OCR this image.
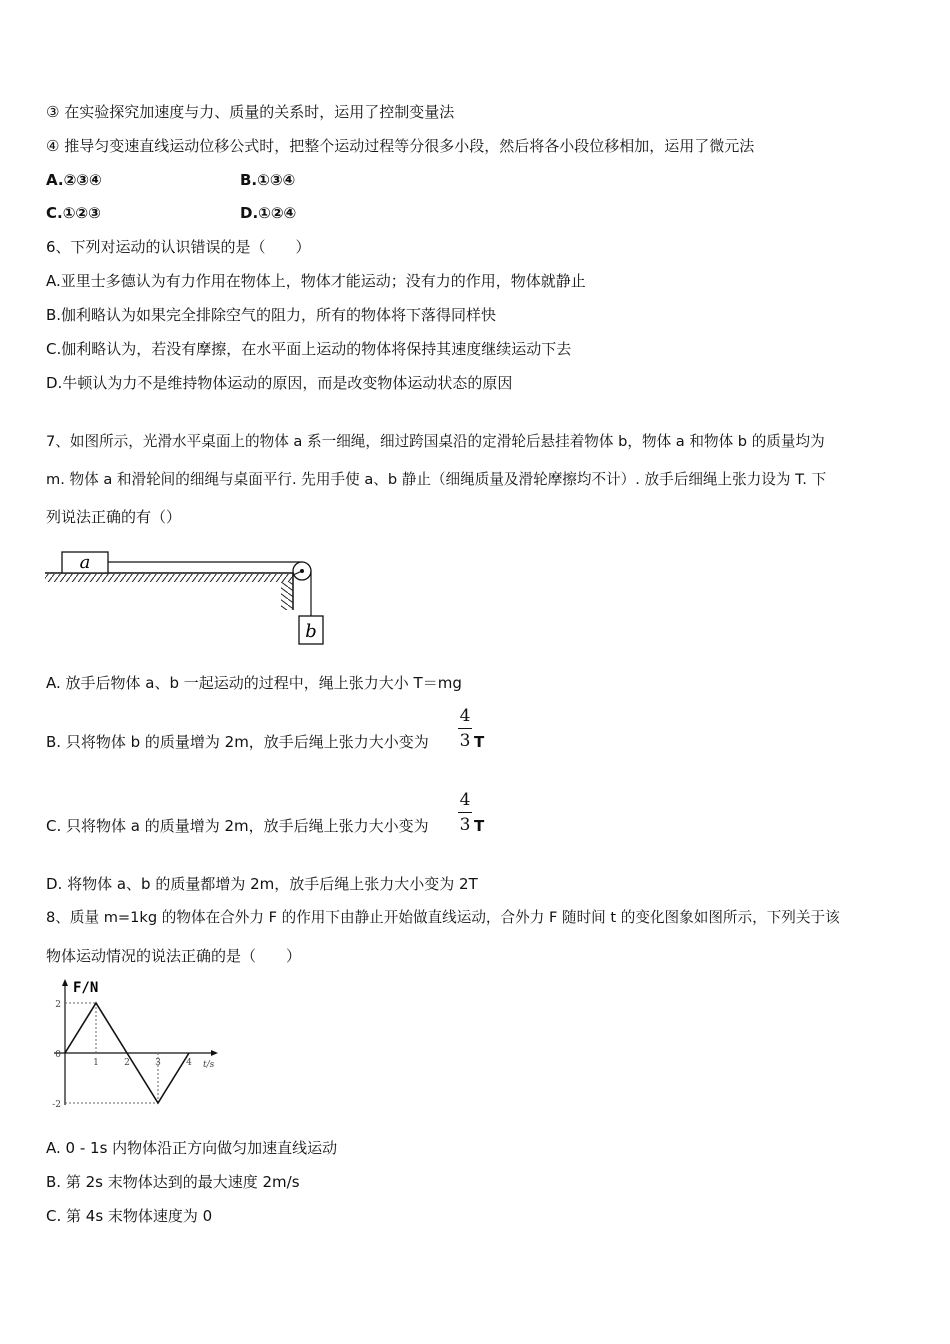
③ 在实验探究加速度与力、质量的关系时，运用了控制变量法
④ 推导匀变速直线运动位移公式时，把整个运动过程等分很多小段，然后将各小段位移相加，运用了微元法
A.②③④	B.①③④
C.①②③	D.①②④
6、下列对运动的认识错误的是（　　）
A.亚里士多德认为有力作用在物体上，物体才能运动；没有力的作用，物体就静止
B.伽利略认为如果完全排除空气的阻力，所有的物体将下落得同样快
C.伽利略认为，若没有摩擦，在水平面上运动的物体将保持其速度继续运动下去
D.牛顿认为力不是维持物体运动的原因，而是改变物体运动状态的原因
7、如图所示，光滑水平桌面上的物体 a 系一细绳，细过跨国桌沿的定滑轮后悬挂着物体 b，物体 a 和物体 b 的质量均为
m. 物体 a 和滑轮间的细绳与桌面平行. 先用手使 a、b 静止（细绳质量及滑轮摩擦均不计）. 放手后细绳上张力设为 T. 下
列说法正确的有（）
a
b
A. 放手后物体 a、b 一起运动的过程中，绳上张力大小 T＝mg
B. 只将物体 b 的质量增为 2m，放手后绳上张力大小变为
4
3 T
C. 只将物体 a 的质量增为 2m，放手后绳上张力大小变为
4
3 T
D. 将物体 a、b 的质量都增为 2m，放手后绳上张力大小变为 2T
8、质量 m=1kg 的物体在合外力 F 的作用下由静止开始做直线运动，合外力 F 随时间 t 的变化图象如图所示，下列关于该
物体运动情况的说法正确的是（　　）
F/N
t/s
1	2	3	4
2
0
-2
A. 0 - 1s 内物体沿正方向做匀加速直线运动
B. 第 2s 末物体达到的最大速度 2m/s
C. 第 4s 末物体速度为 0
